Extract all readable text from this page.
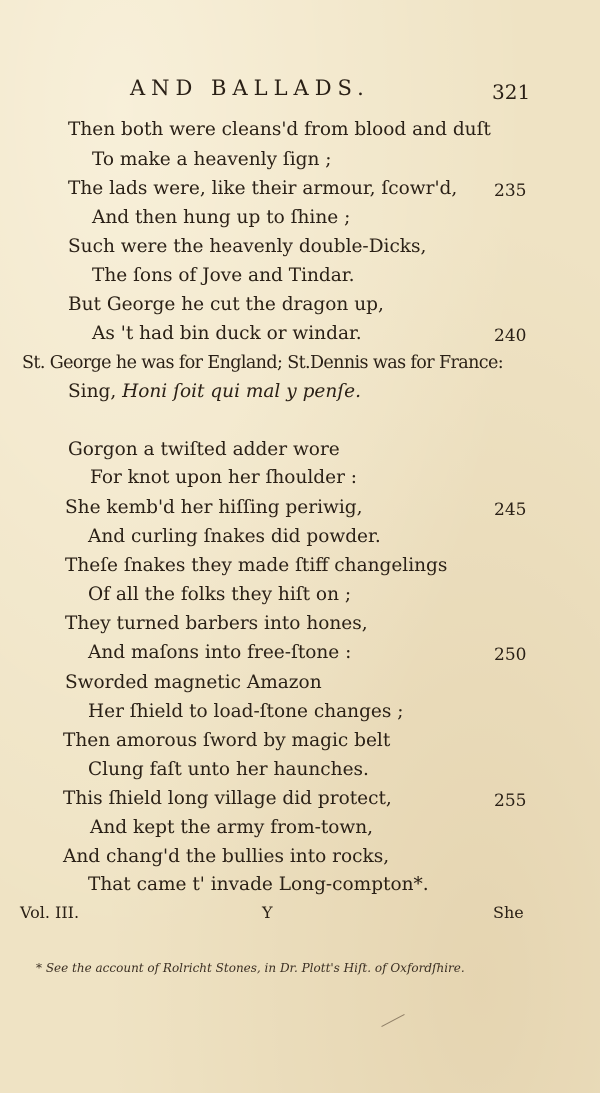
AND BALLADS.	321
Then both were cleans'd from blood and duſt
To make a heavenly ſign ;
The lads were, like their armour, ſcowr'd, 235
And then hung up to ſhine ;
Such were the heavenly double-Dicks,
The ſons of Jove and Tindar.
But George he cut the dragon up,
As 't had bin duck or windar.	240
St. George he was for England; St.Dennis was for France:
Sing, Honi ſoit qui mal y penſe.
Gorgon a twiſted adder wore
For knot upon her ſhoulder :
She kemb'd her hiſſing periwig,	245
And curling ſnakes did powder.
Theſe ſnakes they made ſtiff changelings
Of all the folks they hiſt on ;
They turned barbers into hones,
And maſons into free-ſtone :	250
Sworded magnetic Amazon
Her ſhield to load-ſtone changes ;
Then amorous ſword by magic belt
Clung faſt unto her haunches.
This ſhield long village did protect,	255
And kept the army from-town,
And chang'd the bullies into rocks,
That came t' invade Long-compton*.
Vol. III.	Y	She
* See the account of Rolricht Stones, in Dr. Plott's Hiſt. of Oxfordſhire.
